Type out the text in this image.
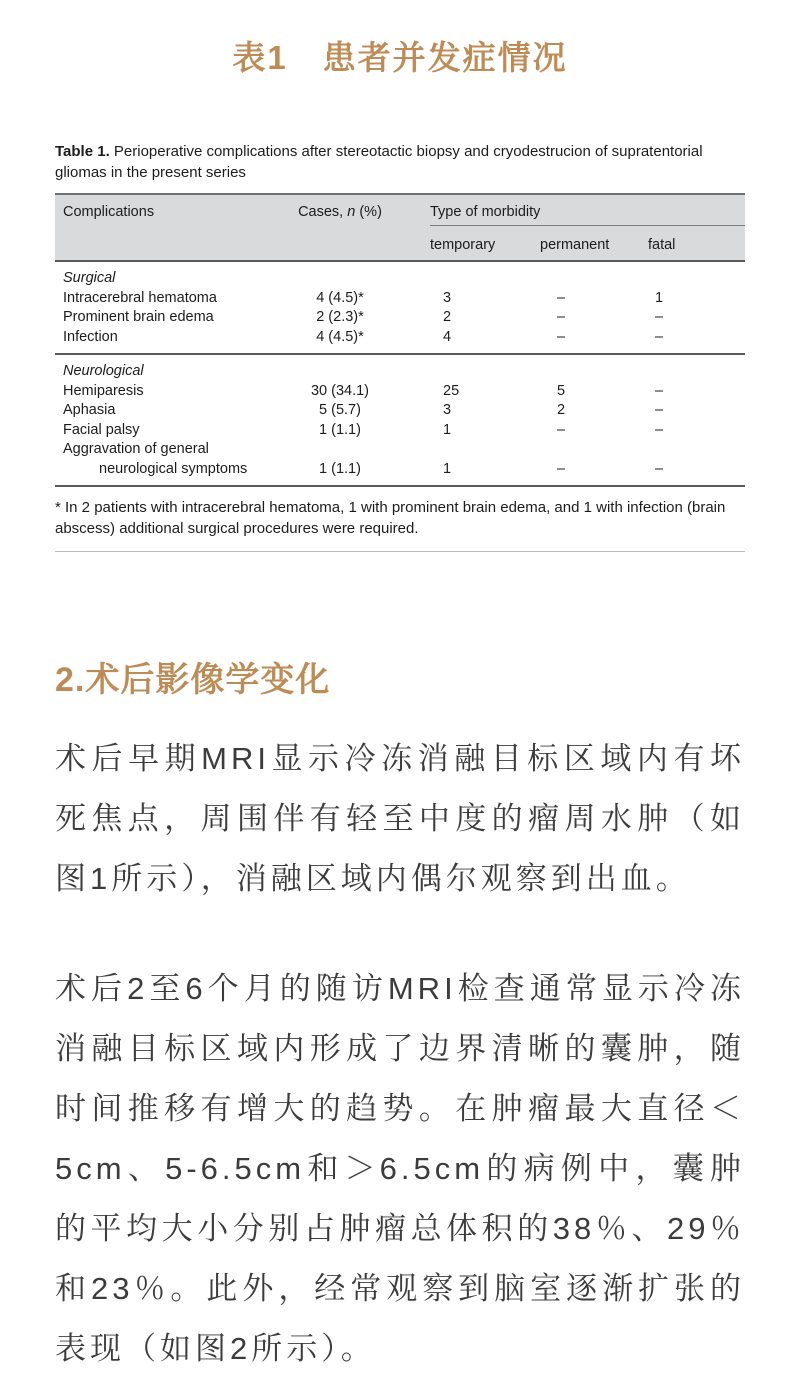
表1　患者并发症情况

Table 1. Perioperative complications after stereotactic biopsy and cryodestrucion of supratentorial gliomas in the present series

Complications	Cases, n (%)	Type of morbidity		

		temporary	permanent	fatal
Surgical				
Intracerebral hematoma	4 (4.5)*	3	–	1
Prominent brain edema	2 (2.3)*	2	–	–
Infection	4 (4.5)*	4	–	–
Neurological				
Hemiparesis	30 (34.1)	25	5	–
Aphasia	5 (5.7)	3	2	–
Facial palsy	1 (1.1)	1	–	–
Aggravation of general				
neurological symptoms	1 (1.1)	1	–	–

* In 2 patients with intracerebral hematoma, 1 with prominent brain edema, and 1 with infection (brain abscess) additional surgical procedures were required.

2.术后影像学变化

术后早期MRI显示冷冻消融目标区域内有坏死焦点，周围伴有轻至中度的瘤周水肿（如图1所示），消融区域内偶尔观察到出血。

术后2至6个月的随访MRI检查通常显示冷冻消融目标区域内形成了边界清晰的囊肿，随时间推移有增大的趋势。在肿瘤最大直径＜5cm、5-6.5cm和＞6.5cm的病例中，囊肿的平均大小分别占肿瘤总体积的38％、29％和23％。此外，经常观察到脑室逐渐扩张的表现（如图2所示）。
